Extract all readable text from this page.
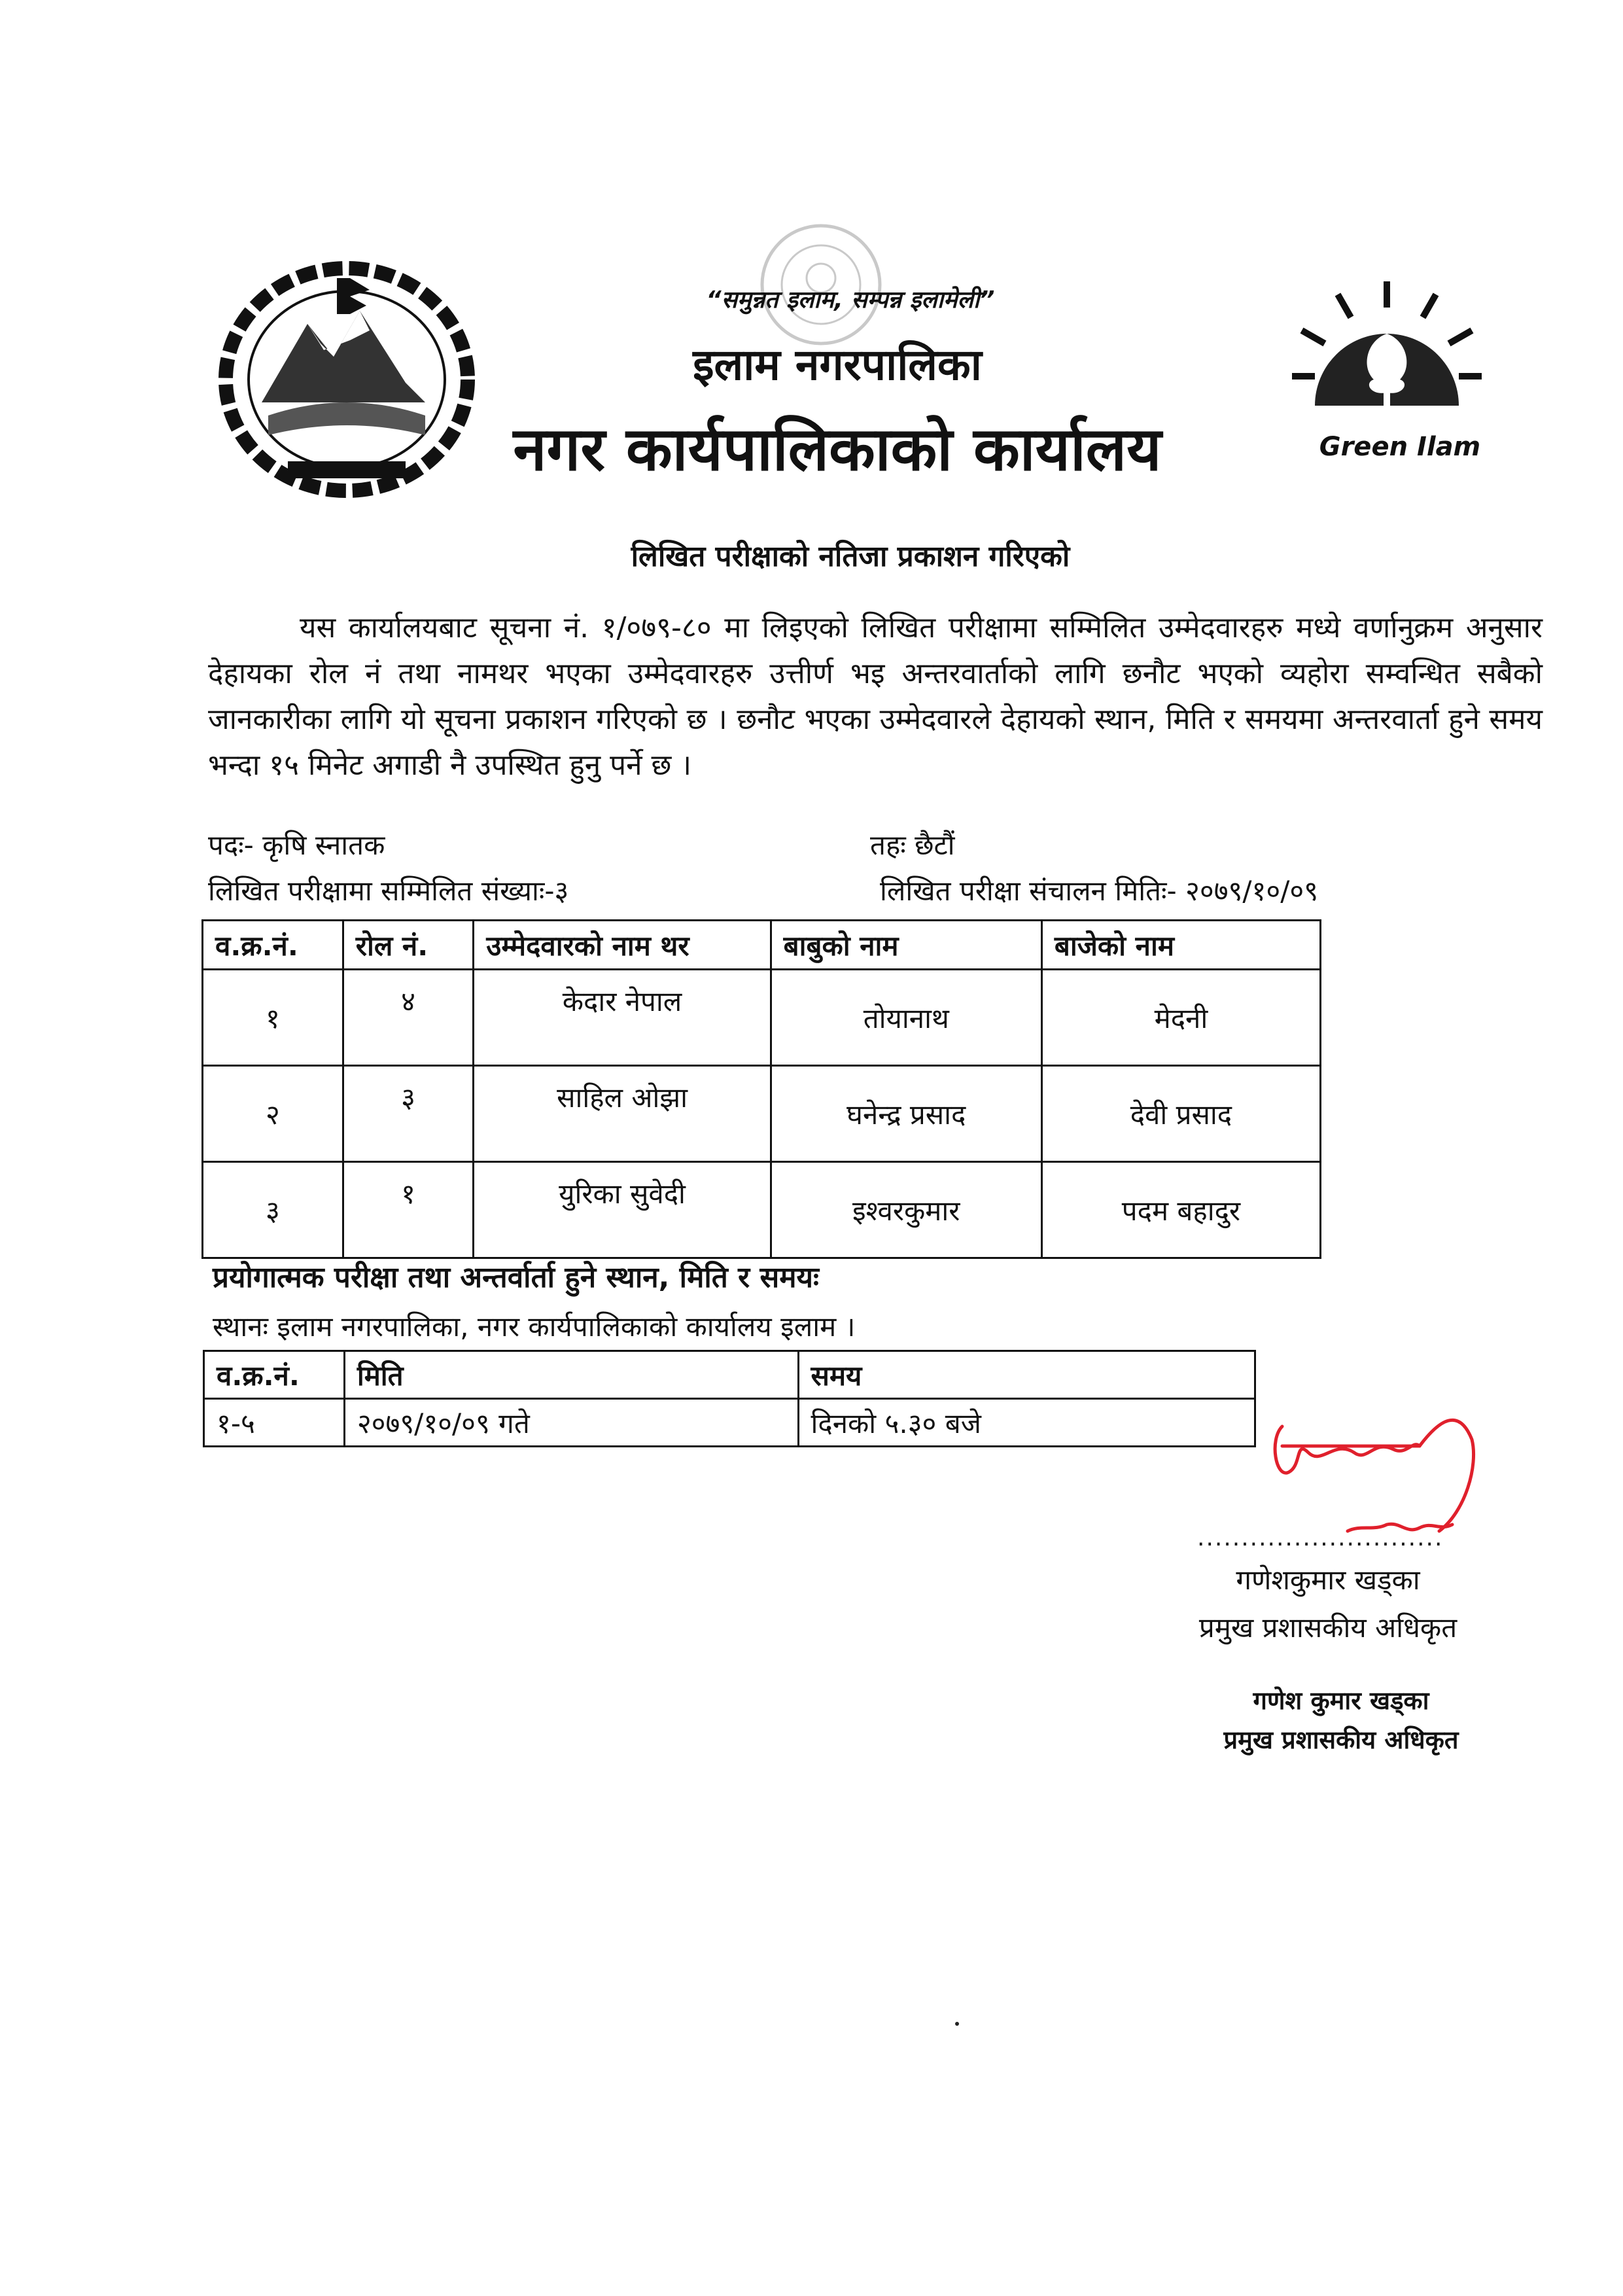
“समुन्नत इलाम, सम्पन्न इलामेली”
इलाम नगरपालिका
नगर कार्यपालिकाको कार्यालय	Green Ilam
लिखित परीक्षाको नतिजा प्रकाशन गरिएको
यस कार्यालयबाट सूचना नं. १/०७९-८० मा लिइएको लिखित परीक्षामा सम्मिलित उम्मेदवारहरु मध्ये वर्णानुक्रम अनुसार देहायका रोल नं तथा नामथर भएका उम्मेदवारहरु उत्तीर्ण भइ अन्तरवार्ताको लागि छनौट भएको व्यहोरा सम्वन्धित सबैको जानकारीका लागि यो सूचना प्रकाशन गरिएको छ । छनौट भएका उम्मेदवारले देहायको स्थान, मिति र समयमा अन्तरवार्ता हुने समय भन्दा १५ मिनेट अगाडी नै उपस्थित हुनु पर्ने छ ।
पदः- कृषि स्नातक	तहः छैटौं
लिखित परीक्षामा सम्मिलित संख्याः-३	लिखित परीक्षा संचालन मितिः- २०७९/१०/०९
व.क्र.नं.	रोल नं.	उम्मेदवारको नाम थर	बाबुको नाम	बाजेको नाम
१	४	केदार नेपाल	तोयानाथ	मेदनी
२	३	साहिल ओझा	घनेन्द्र प्रसाद	देवी प्रसाद
३	१	युरिका सुवेदी	इश्वरकुमार	पदम बहादुर
प्रयोगात्मक परीक्षा तथा अन्तर्वार्ता हुने स्थान, मिति र समयः
स्थानः इलाम नगरपालिका, नगर कार्यपालिकाको कार्यालय इलाम ।
व.क्र.नं.	मिति	समय
१-५	२०७९/१०/०९ गते	दिनको ५.३० बजे
............................
गणेशकुमार खड्का
प्रमुख प्रशासकीय अधिकृत
गणेश कुमार खड्का
प्रमुख प्रशासकीय अधिकृत
